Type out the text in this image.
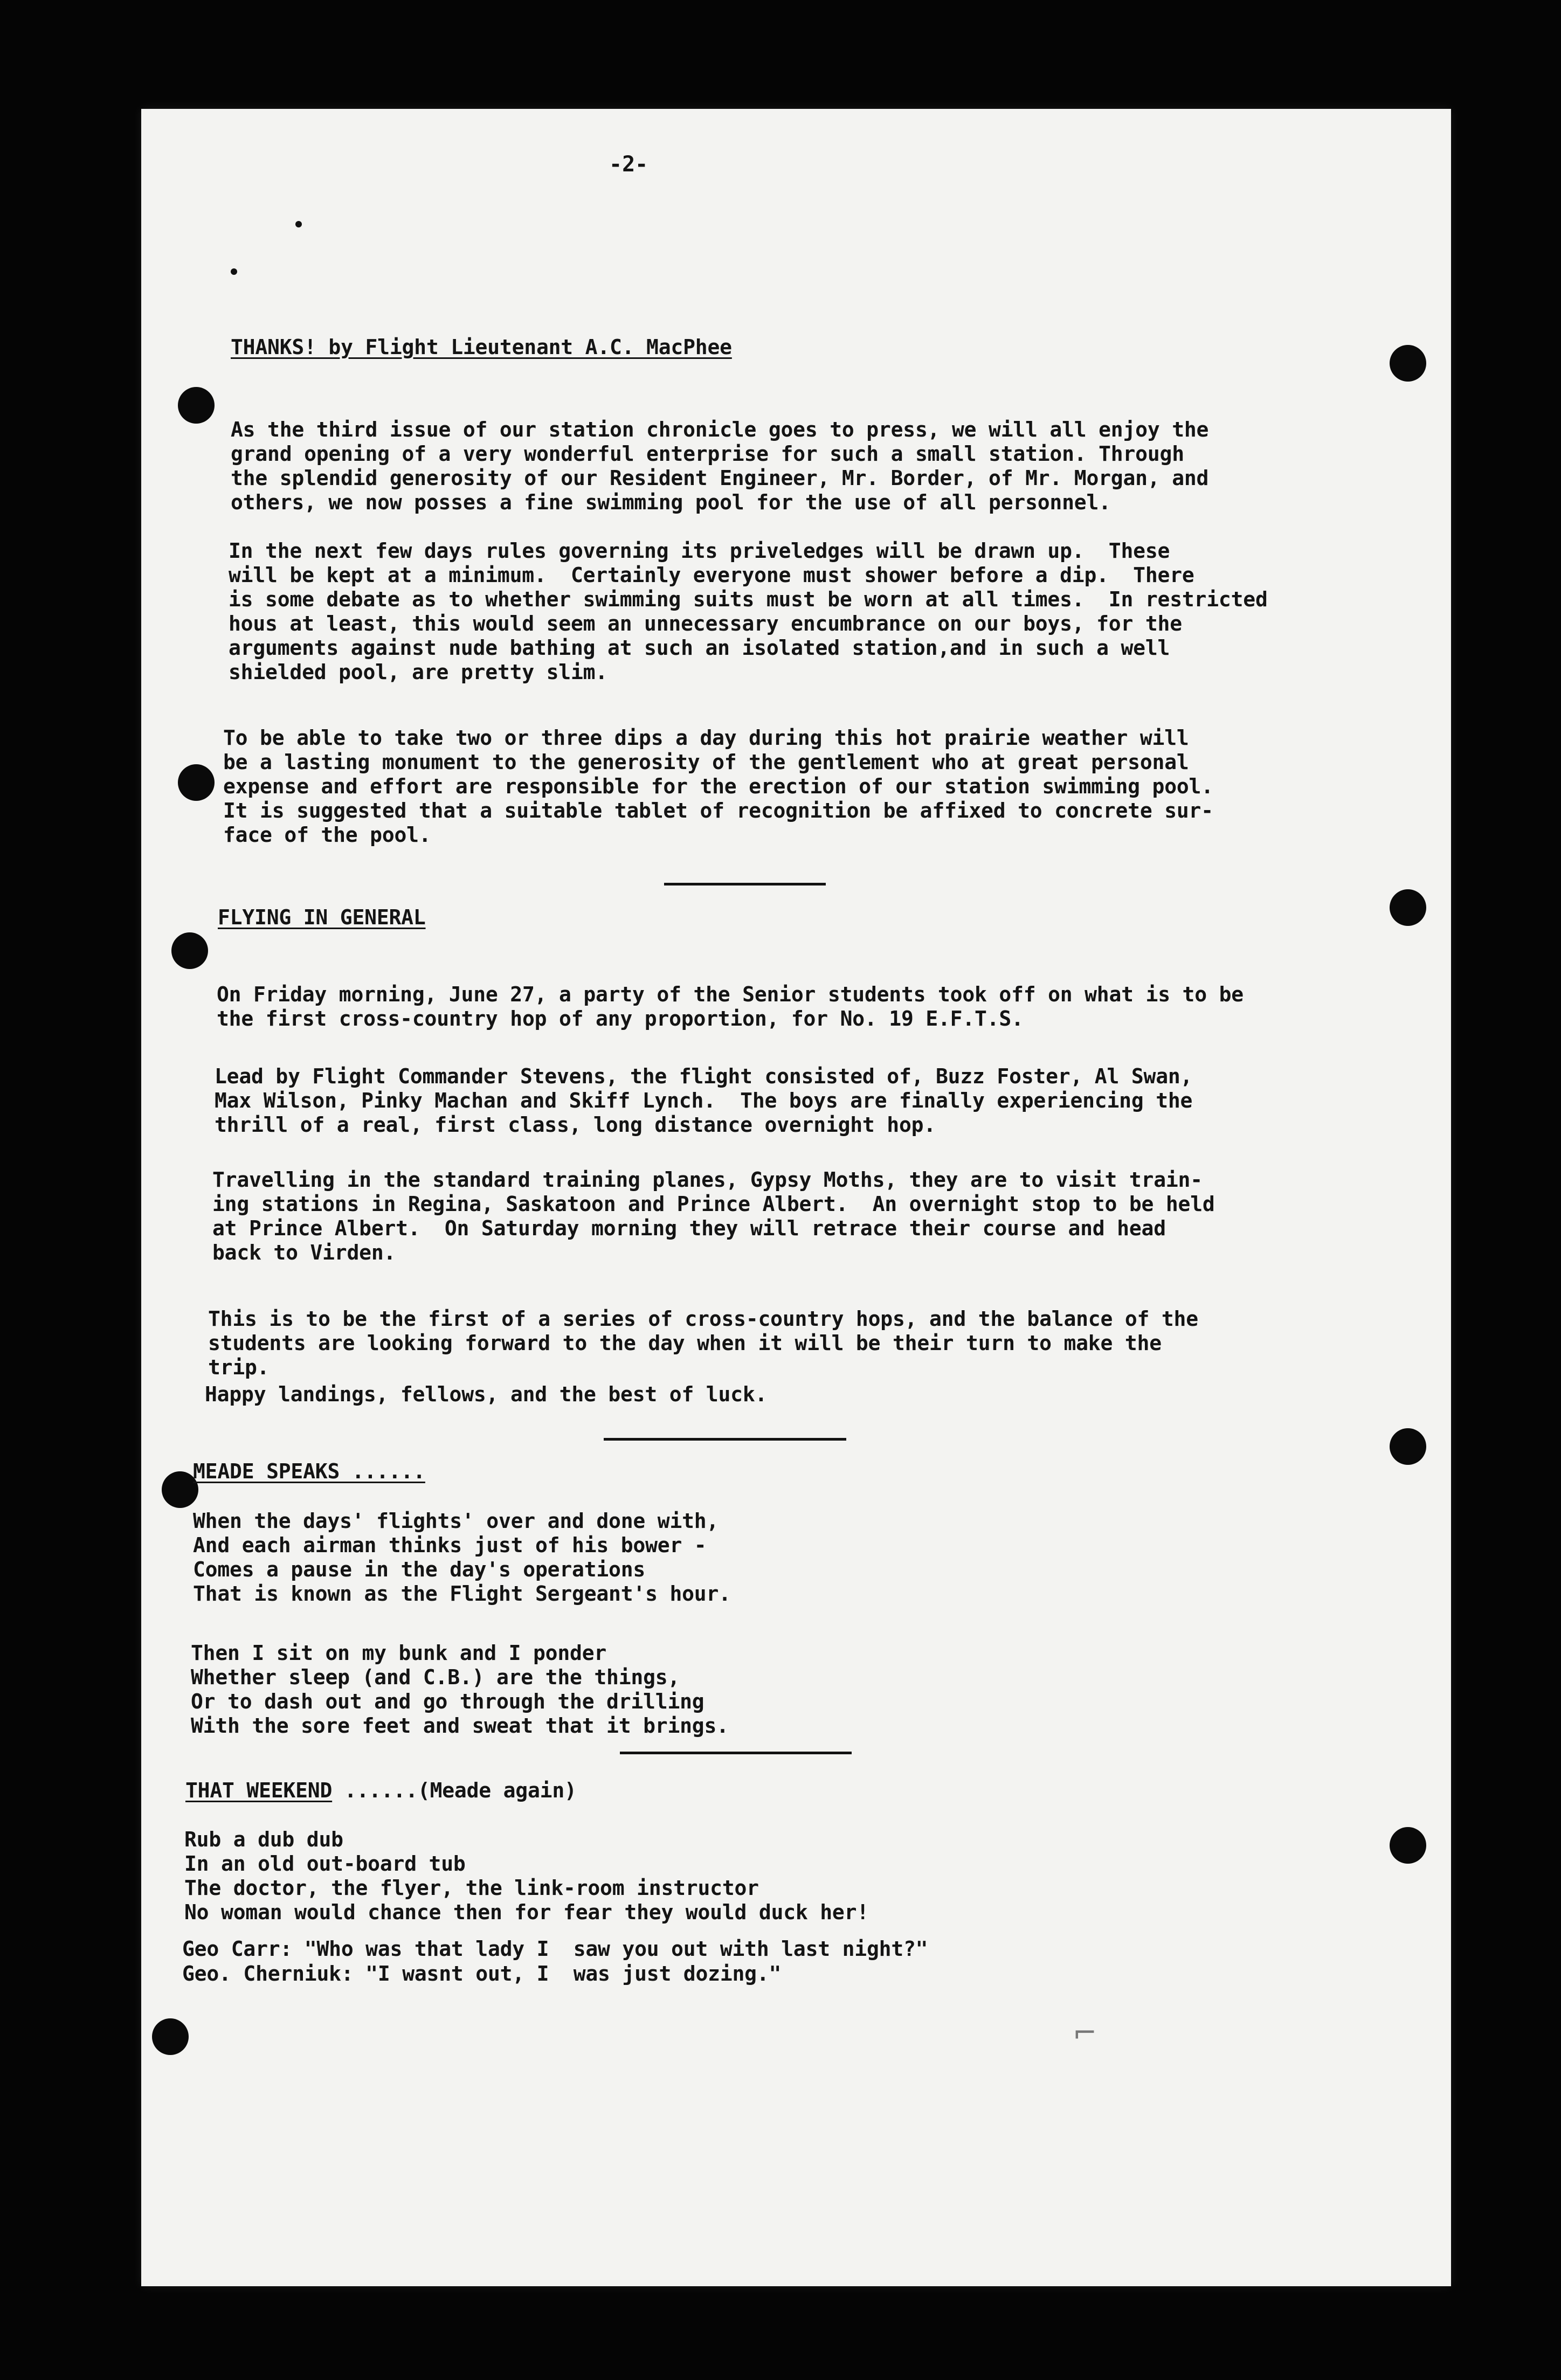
-2-
THANKS! by Flight Lieutenant A.C. MacPhee

As the third issue of our station chronicle goes to press, we will all enjoy the
grand opening of a very wonderful enterprise for such a small station. Through
the splendid generosity of our Resident Engineer, Mr. Border, of Mr. Morgan, and
others, we now posses a fine swimming pool for the use of all personnel.

In the next few days rules governing its priveledges will be drawn up.  These
will be kept at a minimum.  Certainly everyone must shower before a dip.  There
is some debate as to whether swimming suits must be worn at all times.  In restricted
hous at least, this would seem an unnecessary encumbrance on our boys, for the
arguments against nude bathing at such an isolated station,and in such a well
shielded pool, are pretty slim.

To be able to take two or three dips a day during this hot prairie weather will
be a lasting monument to the generosity of the gentlement who at great personal
expense and effort are responsible for the erection of our station swimming pool.
It is suggested that a suitable tablet of recognition be affixed to concrete sur-
face of the pool.

FLYING IN GENERAL

On Friday morning, June 27, a party of the Senior students took off on what is to be
the first cross-country hop of any proportion, for No. 19 E.F.T.S.

Lead by Flight Commander Stevens, the flight consisted of, Buzz Foster, Al Swan,
Max Wilson, Pinky Machan and Skiff Lynch.  The boys are finally experiencing the
thrill of a real, first class, long distance overnight hop.

Travelling in the standard training planes, Gypsy Moths, they are to visit train-
ing stations in Regina, Saskatoon and Prince Albert.  An overnight stop to be held
at Prince Albert.  On Saturday morning they will retrace their course and head
back to Virden.

This is to be the first of a series of cross-country hops, and the balance of the
students are looking forward to the day when it will be their turn to make the
trip.

Happy landings, fellows, and the best of luck.
MEADE SPEAKS ......

When the days' flights' over and done with,
And each airman thinks just of his bower -
Comes a pause in the day's operations
That is known as the Flight Sergeant's hour.

Then I sit on my bunk and I ponder
Whether sleep (and C.B.) are the things,
Or to dash out and go through the drilling
With the sore feet and sweat that it brings.

THAT WEEKEND ......(Meade again)

Rub a dub dub
In an old out-board tub
The doctor, the flyer, the link-room instructor
No woman would chance then for fear they would duck her!

Geo Carr: "Who was that lady I  saw you out with last night?"
Geo. Cherniuk: "I wasnt out, I  was just dozing."
⌐
